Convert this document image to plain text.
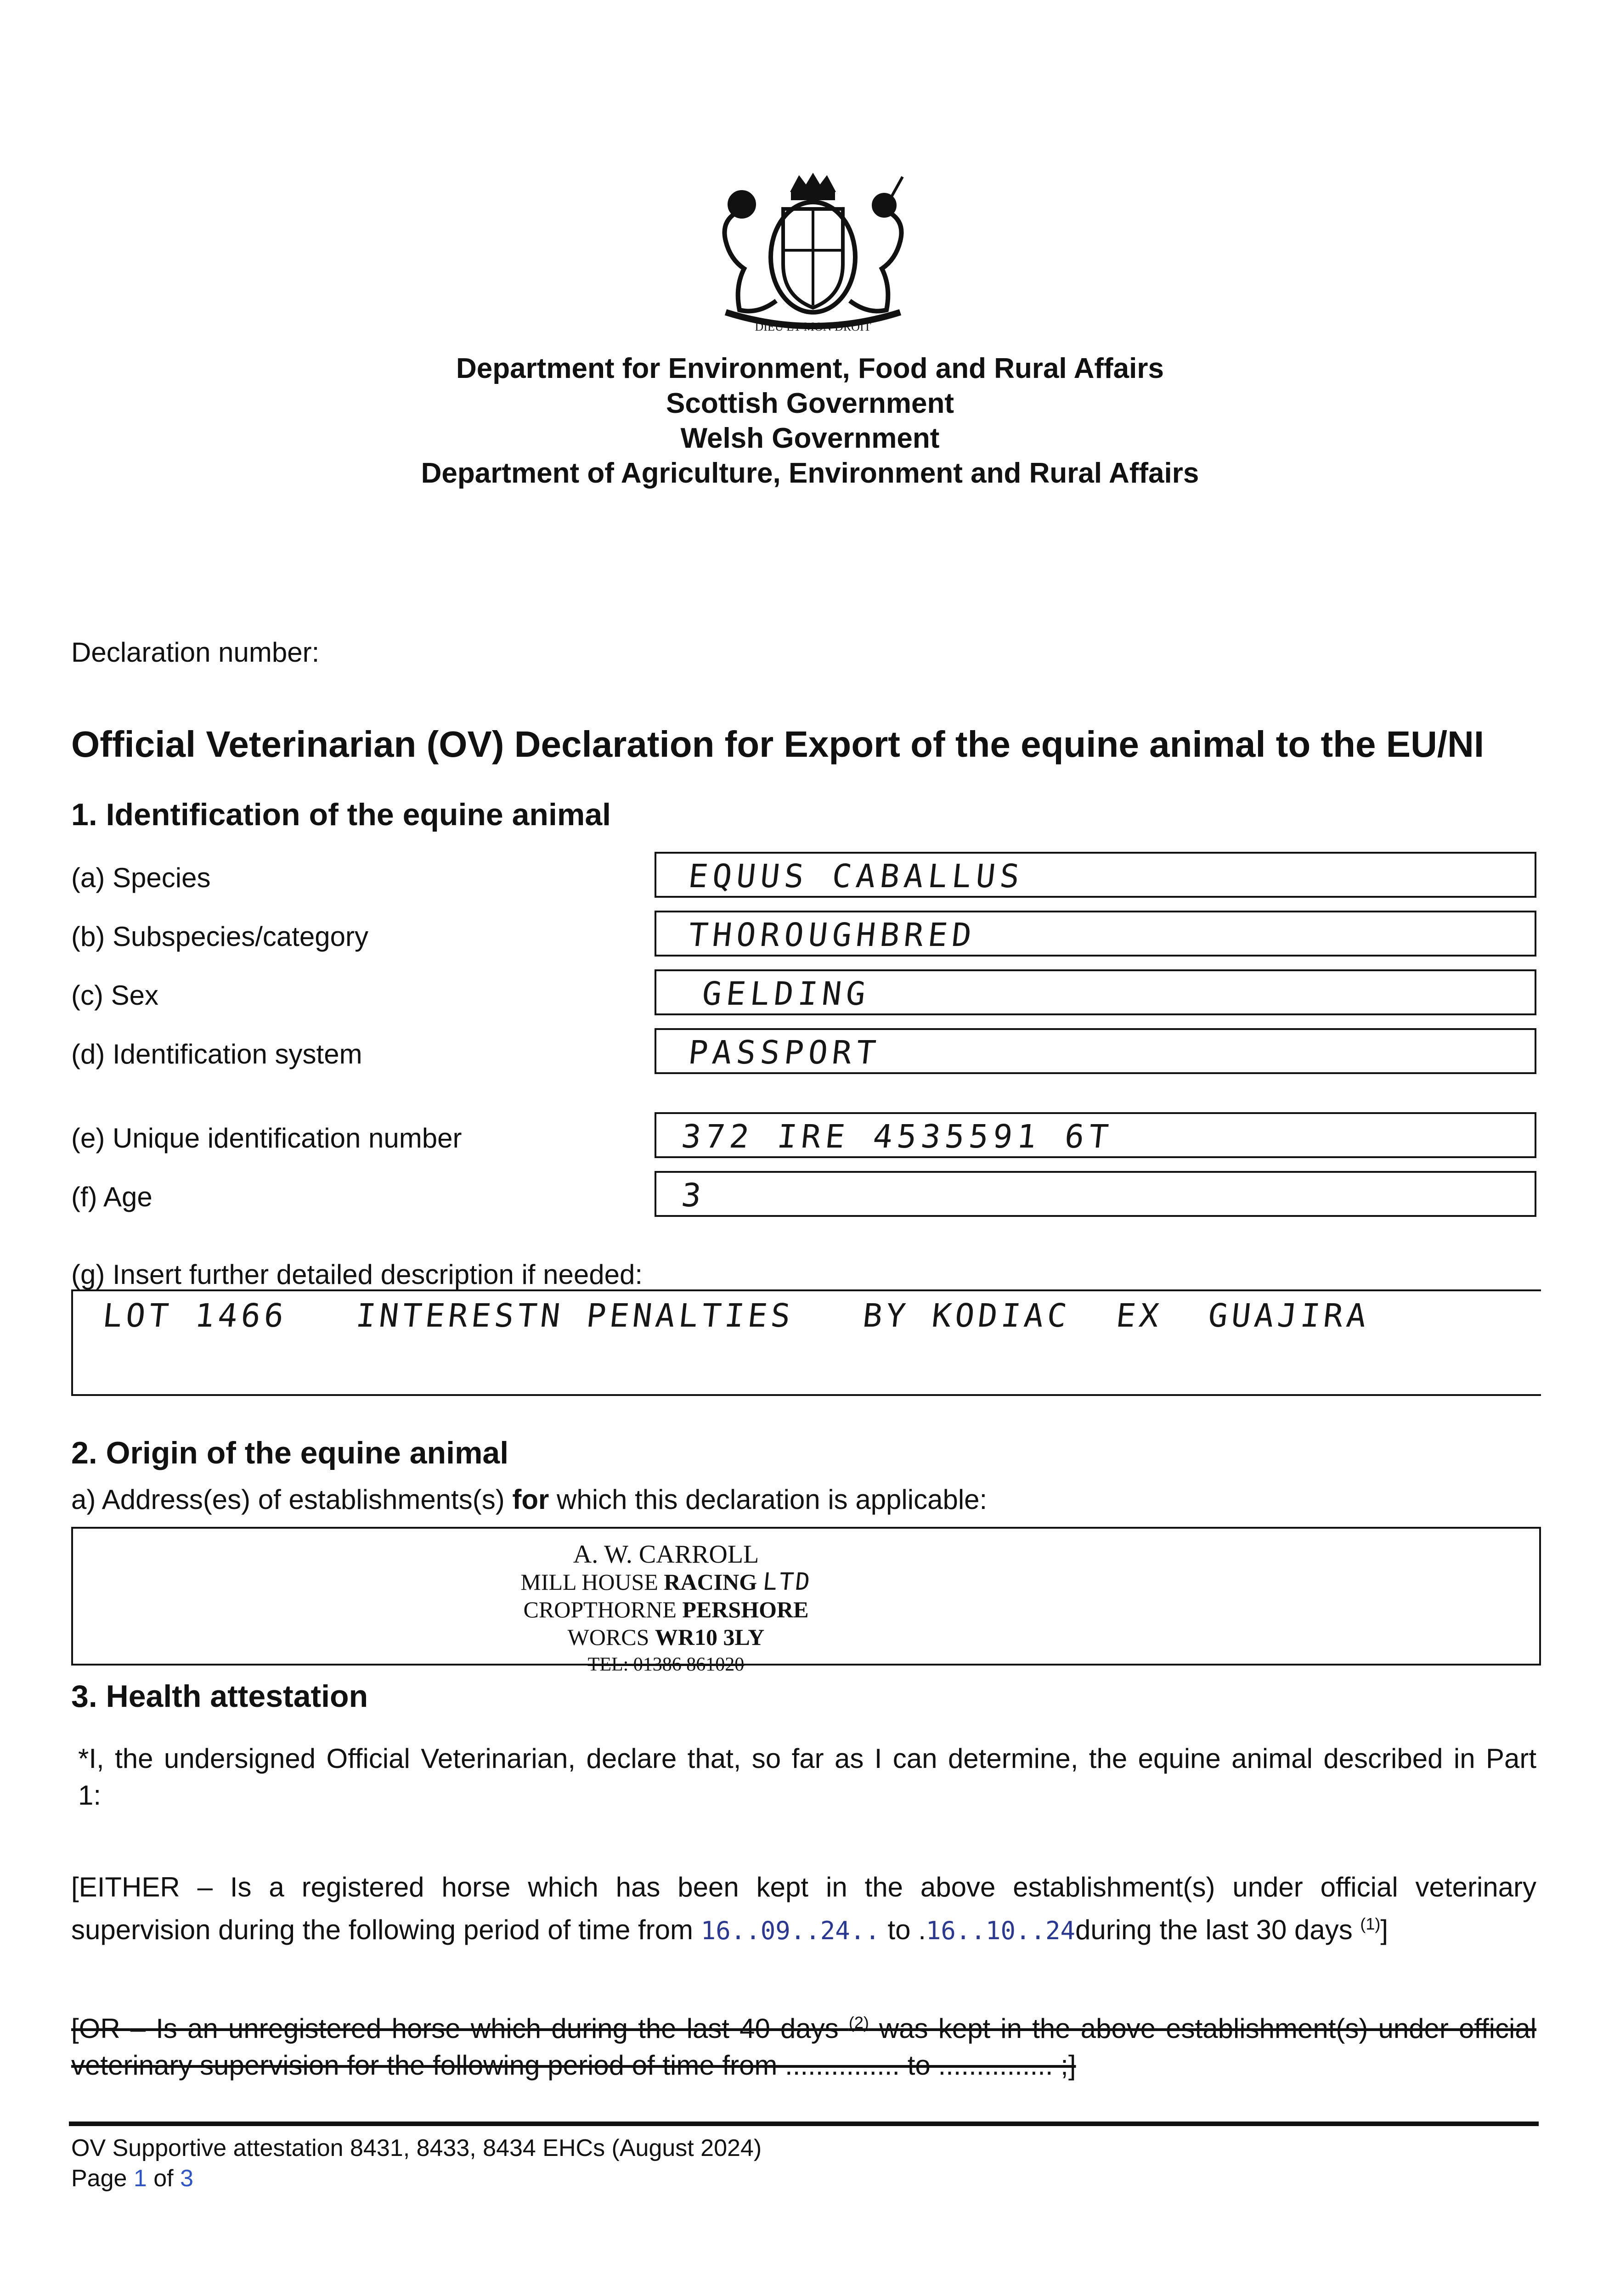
DIEU ET MON DROIT
Department for Environment, Food and Rural Affairs
Scottish Government
Welsh Government
Department of Agriculture, Environment and Rural Affairs
Declaration number:
Official Veterinarian (OV) Declaration for Export of the equine animal to the EU/NI
1. Identification of the equine animal
(a) Species	EQUUS CABALLUS
(b) Subspecies/category	THOROUGHBRED
(c) Sex	GELDING
(d) Identification system	PASSPORT
(e) Unique identification number	372 IRE 4535591 6T
(f) Age	3
(g) Insert further detailed description if needed:
LOT 1466   INTERESTN PENALTIES   BY KODIAC  EX  GUAJIRA
2. Origin of the equine animal
a) Address(es) of establishments(s) for which this declaration is applicable:
A. W. CARROLL
MILL HOUSE RACING LTD
CROPTHORNE PERSHORE
WORCS WR10 3LY
TEL: 01386 861020
3. Health attestation
*I, the undersigned Official Veterinarian, declare that, so far as I can determine, the equine animal described in Part
1:
[EITHER – Is a registered horse which has been kept in the above establishment(s) under official veterinary
supervision during the following period of time from 16..09..24.. to .16..10..24during the last 30 days $^{(1)}$]
[OR – Is an unregistered horse which during the last 40 days $^{(2)}$ was kept in the above establishment(s) under official
veterinary supervision for the following period of time from ............... to ............... ;]
OV Supportive attestation 8431, 8433, 8434 EHCs (August 2024)
Page 1 of 3
